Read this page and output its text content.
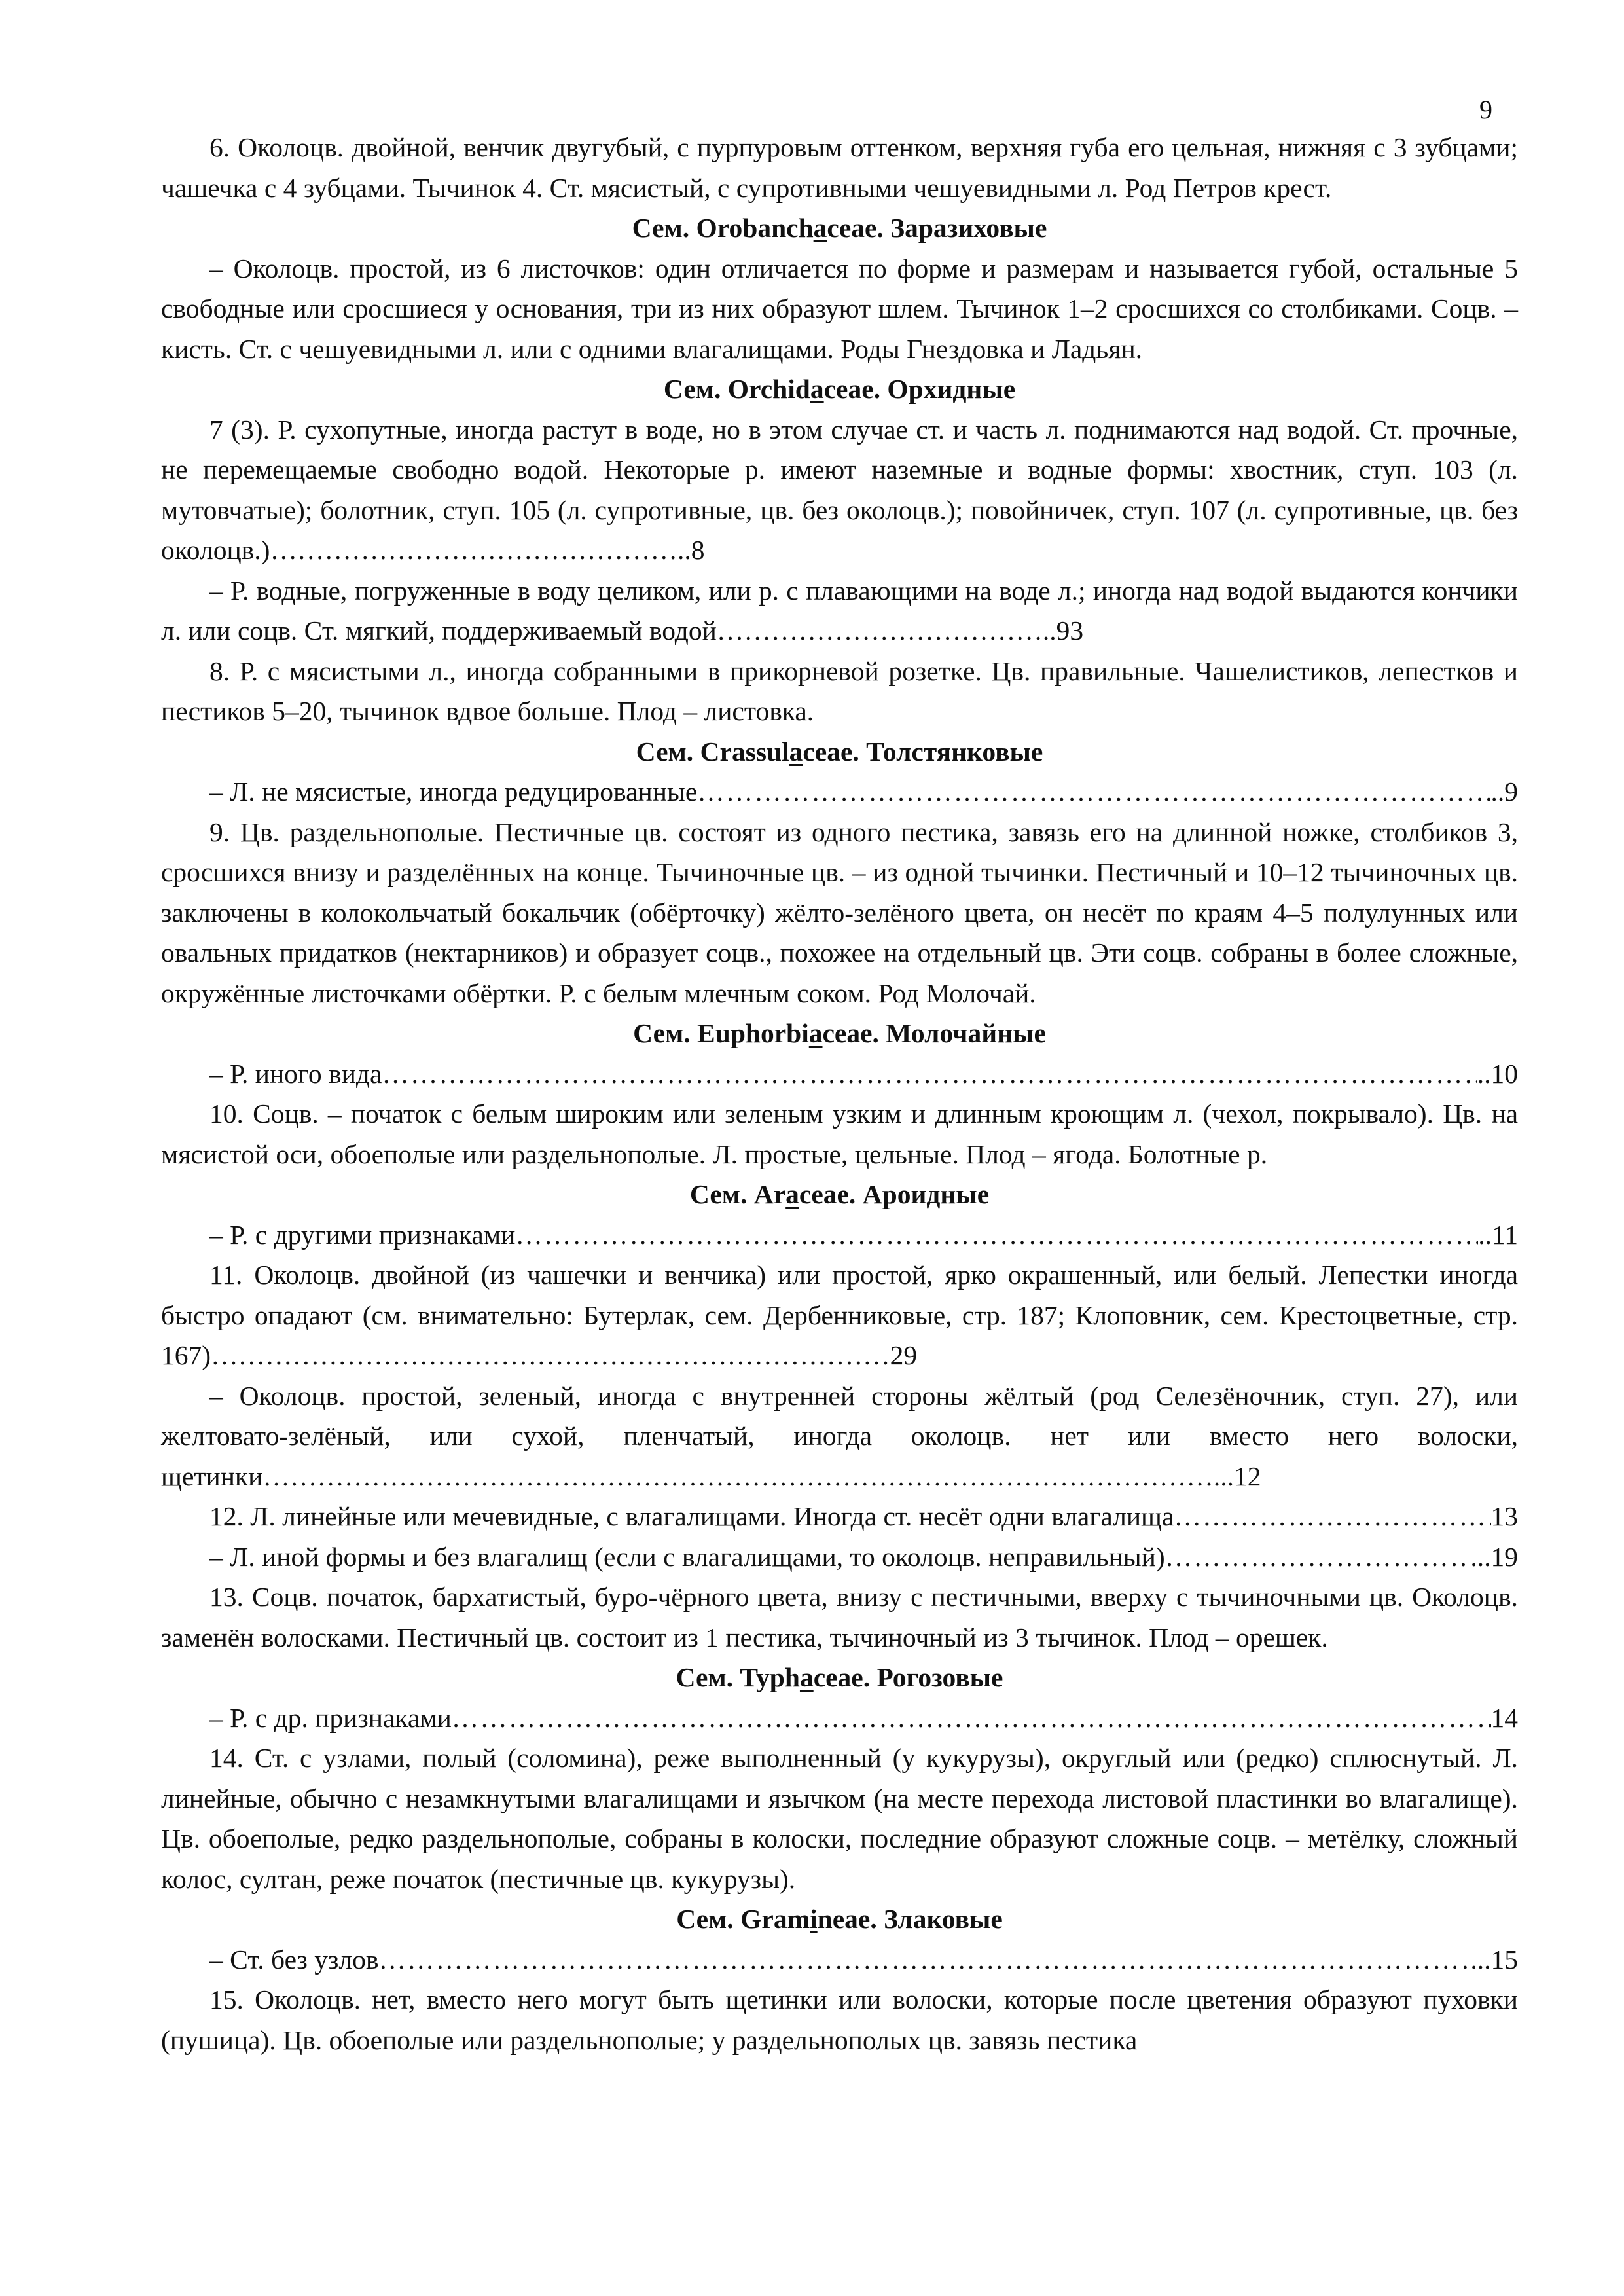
9

6. Околоцв. двойной, венчик двугубый, с пурпуровым оттенком, верхняя губа его цельная, нижняя с 3 зубцами; чашечка с 4 зубцами. Тычинок 4. Ст. мясистый, с супротивными чешуевидными л. Род Петров крест.

Сем. Orobanchaceae. Заразиховые

– Околоцв. простой, из 6 листочков: один отличается по форме и размерам и называется губой, остальные 5 свободные или сросшиеся у основания, три из них образуют шлем. Тычинок 1–2 сросшихся со столбиками. Соцв. – кисть. Ст. с чешуевидными л. или с одними влагалищами. Роды Гнездовка и Ладьян.

Сем. Orchidaceae. Орхидные

7 (3). Р. сухопутные, иногда растут в воде, но в этом случае ст. и часть л. поднимаются над водой. Ст. прочные, не перемещаемые свободно водой. Некоторые р. имеют наземные и водные формы: хвостник, ступ. 103 (л. мутовчатые); болотник, ступ. 105 (л. супротивные, цв. без околоцв.); повойничек, ступ. 107 (л. супротивные, цв. без околоцв.)………………………………………..8

– Р. водные, погруженные в воду целиком, или р. с плавающими на воде л.; иногда над водой выдаются кончики л. или соцв. Ст. мягкий, поддерживаемый водой………………………………..93

8. Р. с мясистыми л., иногда собранными в прикорневой розетке. Цв. правильные. Чашелистиков, лепестков и пестиков 5–20, тычинок вдвое больше. Плод – листовка.

Сем. Crassulaceae. Толстянковые

– Л. не мясистые, иногда редуцированные …………………………………………………………………………………………………………………………………………………………………………………………………………………	..9

9. Цв. раздельнополые. Пестичные цв. состоят из одного пестика, завязь его на длинной ножке, столбиков 3, сросшихся внизу и разделённых на конце. Тычиночные цв. – из одной тычинки. Пестичный и 10–12 тычиночных цв. заключены в колокольчатый бокальчик (обёрточку) жёлто-зелёного цвета, он несёт по краям 4–5 полулунных или овальных придатков (нектарников) и образует соцв., похожее на отдельный цв. Эти соцв. собраны в более сложные, окружённые листочками обёртки. Р. с белым млечным соком. Род Молочай.

Сем. Euphorbiaceae. Молочайные

– Р. иного вида …………………………………………………………………………………………………………………………………………………………………………………………………………………	..10

10. Соцв. – початок с белым широким или зеленым узким и длинным кроющим л. (чехол, покрывало). Цв. на мясистой оси, обоеполые или раздельнополые. Л. простые, цельные. Плод – ягода. Болотные р.

Сем. Araceae. Ароидные

– Р. с другими признаками …………………………………………………………………………………………………………………………………………………………………………………………………………………	..11

11. Околоцв. двойной (из чашечки и венчика) или простой, ярко окрашенный, или белый. Лепестки иногда быстро опадают (см. внимательно: Бутерлак, сем. Дербенниковые, стр. 187; Клоповник, сем. Крестоцветные, стр. 167)…………………………………………………………………29

– Околоцв. простой, зеленый, иногда с внутренней стороны жёлтый (род Селезёночник, ступ. 27), или желтовато-зелёный, или сухой, пленчатый, иногда околоцв. нет или вместо него волоски, щетинки……………………………………………………………………………………………...12

12. Л. линейные или мечевидные, с влагалищами. Иногда ст. несёт одни влагалища …………………………………………………………………………………………………………………………………………………………………………………………………………………	13
– Л. иной формы и без влагалищ (если с влагалищами, то околоцв. неправильный) …………………………………………………………………………………………………………………………………………………………………………………………………………………	...19

13. Соцв. початок, бархатистый, буро-чёрного цвета, внизу с пестичными, вверху с тычиночными цв. Околоцв. заменён волосками. Пестичный цв. состоит из 1 пестика, тычиночный из 3 тычинок. Плод – орешек.

Сем. Typhaceae. Рогозовые

– Р. с др. признаками …………………………………………………………………………………………………………………………………………………………………………………………………………………	14

14. Ст. с узлами, полый (соломина), реже выполненный (у кукурузы), округлый или (редко) сплюснутый. Л. линейные, обычно с незамкнутыми влагалищами и язычком (на месте перехода листовой пластинки во влагалище). Цв. обоеполые, редко раздельнополые, собраны в колоски, последние образуют сложные соцв. – метёлку, сложный колос, султан, реже початок (пестичные цв. кукурузы).

Сем. Gramineae. Злаковые

– Ст. без узлов …………………………………………………………………………………………………………………………………………………………………………………………………………………	...15

15. Околоцв. нет, вместо него могут быть щетинки или волоски, которые после цветения образуют пуховки (пушица). Цв. обоеполые или раздельнополые; у раздельнополых цв. завязь пестика
